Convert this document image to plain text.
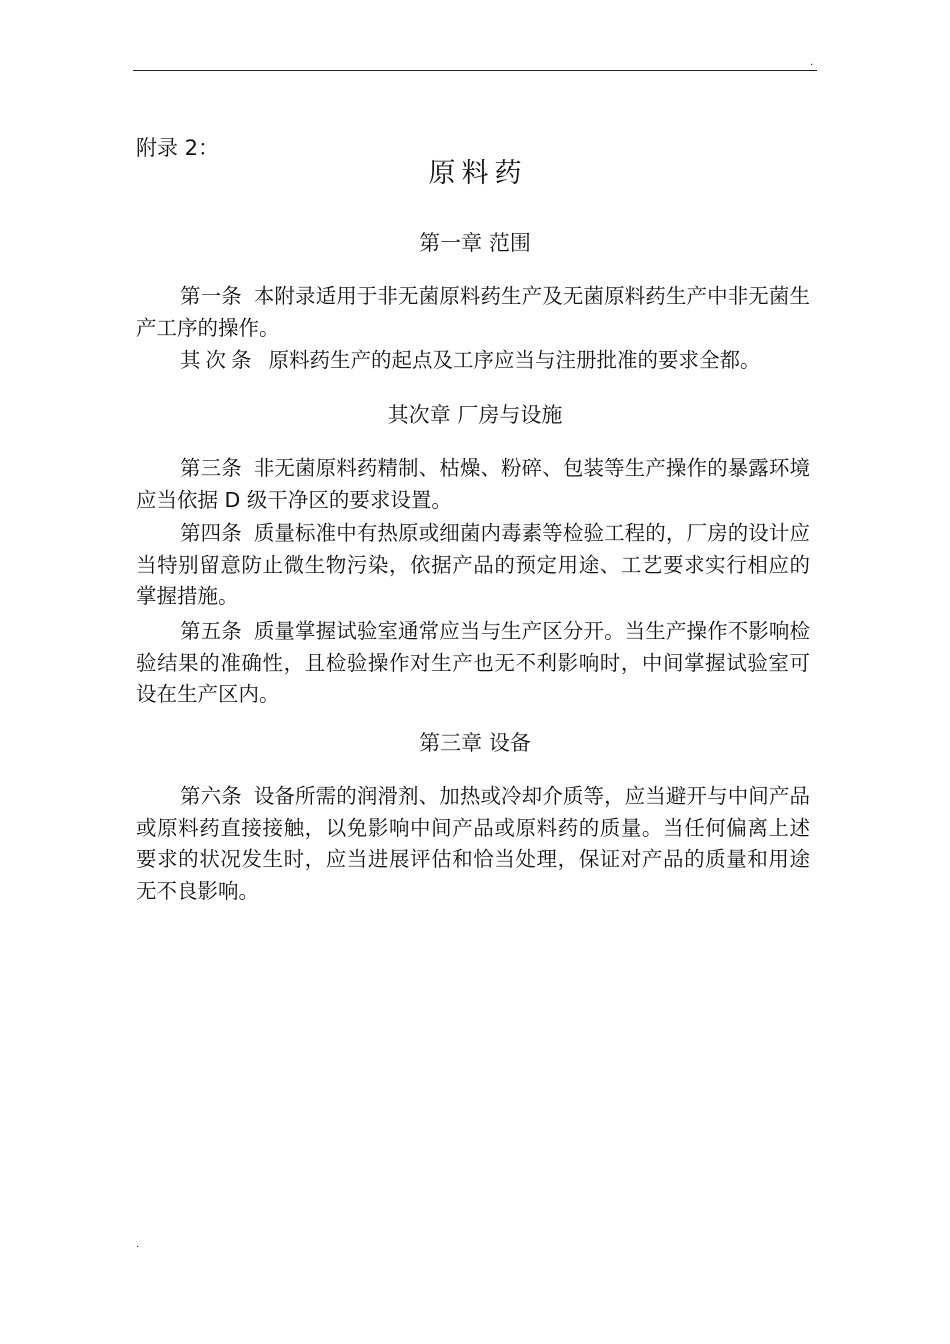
.
附录 2：
原料药
第一章 范围

第一条 本附录适用于非无菌原料药生产及无菌原料药生产中非无菌生产工序的操作。

其次条 原料药生产的起点及工序应当与注册批准的要求全都。

其次章 厂房与设施

第三条 非无菌原料药精制、枯燥、粉碎、包装等生产操作的暴露环境应当依据 D 级干净区的要求设置。

第四条 质量标准中有热原或细菌内毒素等检验工程的，厂房的设计应当特别留意防止微生物污染，依据产品的预定用途、工艺要求实行相应的掌握措施。

第五条 质量掌握试验室通常应当与生产区分开。当生产操作不影响检验结果的准确性，且检验操作对生产也无不利影响时，中间掌握试验室可设在生产区内。

第三章 设备

第六条 设备所需的润滑剂、加热或冷却介质等，应当避开与中间产品或原料药直接接触，以免影响中间产品或原料药的质量。当任何偏离上述要求的状况发生时，应当进展评估和恰当处理，保证对产品的质量和用途无不良影响。

.
